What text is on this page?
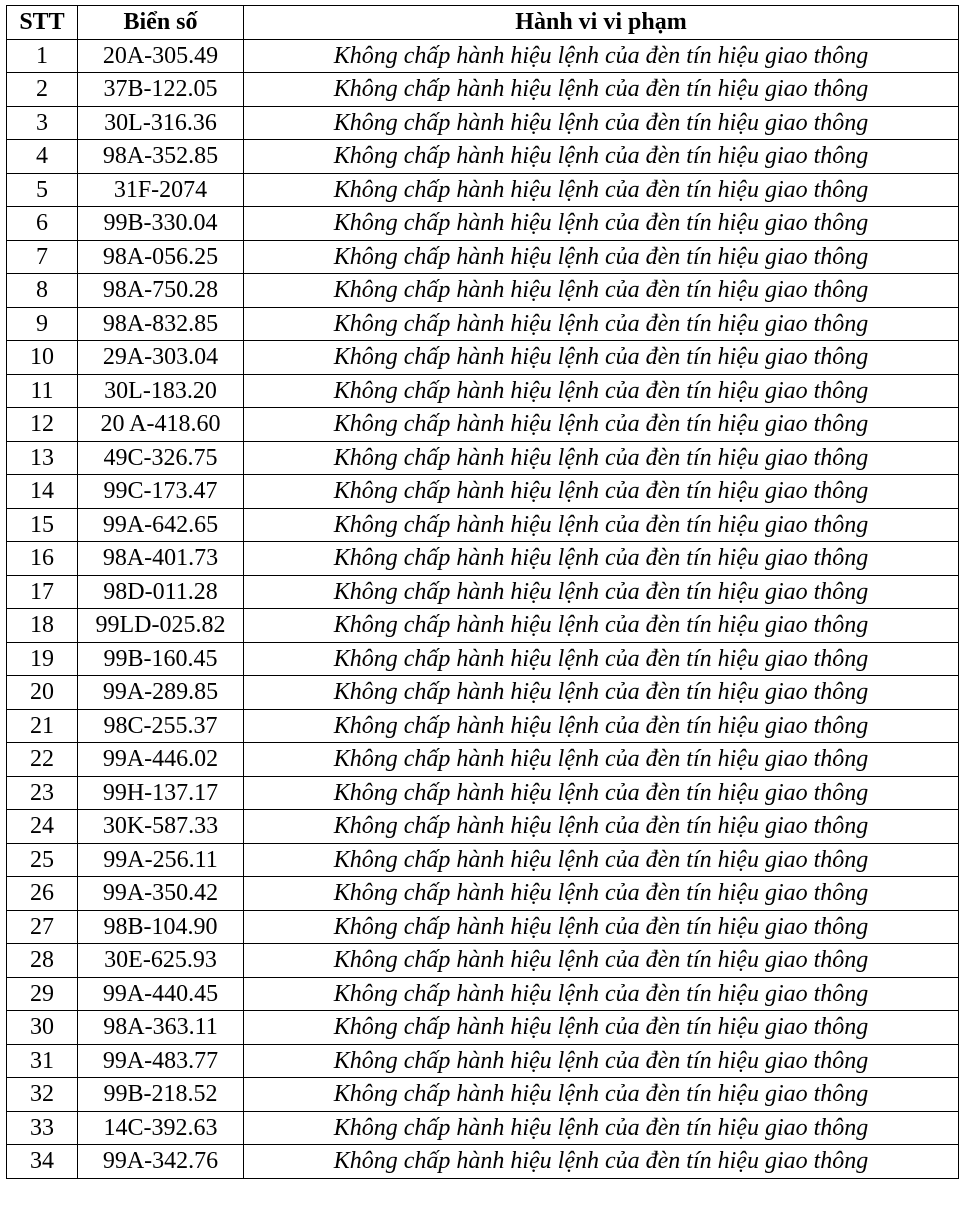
STT	Biển số	Hành vi vi phạm
1	20A-305.49	Không chấp hành hiệu lệnh của đèn tín hiệu giao thông
2	37B-122.05	Không chấp hành hiệu lệnh của đèn tín hiệu giao thông
3	30L-316.36	Không chấp hành hiệu lệnh của đèn tín hiệu giao thông
4	98A-352.85	Không chấp hành hiệu lệnh của đèn tín hiệu giao thông
5	31F-2074	Không chấp hành hiệu lệnh của đèn tín hiệu giao thông
6	99B-330.04	Không chấp hành hiệu lệnh của đèn tín hiệu giao thông
7	98A-056.25	Không chấp hành hiệu lệnh của đèn tín hiệu giao thông
8	98A-750.28	Không chấp hành hiệu lệnh của đèn tín hiệu giao thông
9	98A-832.85	Không chấp hành hiệu lệnh của đèn tín hiệu giao thông
10	29A-303.04	Không chấp hành hiệu lệnh của đèn tín hiệu giao thông
11	30L-183.20	Không chấp hành hiệu lệnh của đèn tín hiệu giao thông
12	20 A-418.60	Không chấp hành hiệu lệnh của đèn tín hiệu giao thông
13	49C-326.75	Không chấp hành hiệu lệnh của đèn tín hiệu giao thông
14	99C-173.47	Không chấp hành hiệu lệnh của đèn tín hiệu giao thông
15	99A-642.65	Không chấp hành hiệu lệnh của đèn tín hiệu giao thông
16	98A-401.73	Không chấp hành hiệu lệnh của đèn tín hiệu giao thông
17	98D-011.28	Không chấp hành hiệu lệnh của đèn tín hiệu giao thông
18	99LD-025.82	Không chấp hành hiệu lệnh của đèn tín hiệu giao thông
19	99B-160.45	Không chấp hành hiệu lệnh của đèn tín hiệu giao thông
20	99A-289.85	Không chấp hành hiệu lệnh của đèn tín hiệu giao thông
21	98C-255.37	Không chấp hành hiệu lệnh của đèn tín hiệu giao thông
22	99A-446.02	Không chấp hành hiệu lệnh của đèn tín hiệu giao thông
23	99H-137.17	Không chấp hành hiệu lệnh của đèn tín hiệu giao thông
24	30K-587.33	Không chấp hành hiệu lệnh của đèn tín hiệu giao thông
25	99A-256.11	Không chấp hành hiệu lệnh của đèn tín hiệu giao thông
26	99A-350.42	Không chấp hành hiệu lệnh của đèn tín hiệu giao thông
27	98B-104.90	Không chấp hành hiệu lệnh của đèn tín hiệu giao thông
28	30E-625.93	Không chấp hành hiệu lệnh của đèn tín hiệu giao thông
29	99A-440.45	Không chấp hành hiệu lệnh của đèn tín hiệu giao thông
30	98A-363.11	Không chấp hành hiệu lệnh của đèn tín hiệu giao thông
31	99A-483.77	Không chấp hành hiệu lệnh của đèn tín hiệu giao thông
32	99B-218.52	Không chấp hành hiệu lệnh của đèn tín hiệu giao thông
33	14C-392.63	Không chấp hành hiệu lệnh của đèn tín hiệu giao thông
34	99A-342.76	Không chấp hành hiệu lệnh của đèn tín hiệu giao thông
